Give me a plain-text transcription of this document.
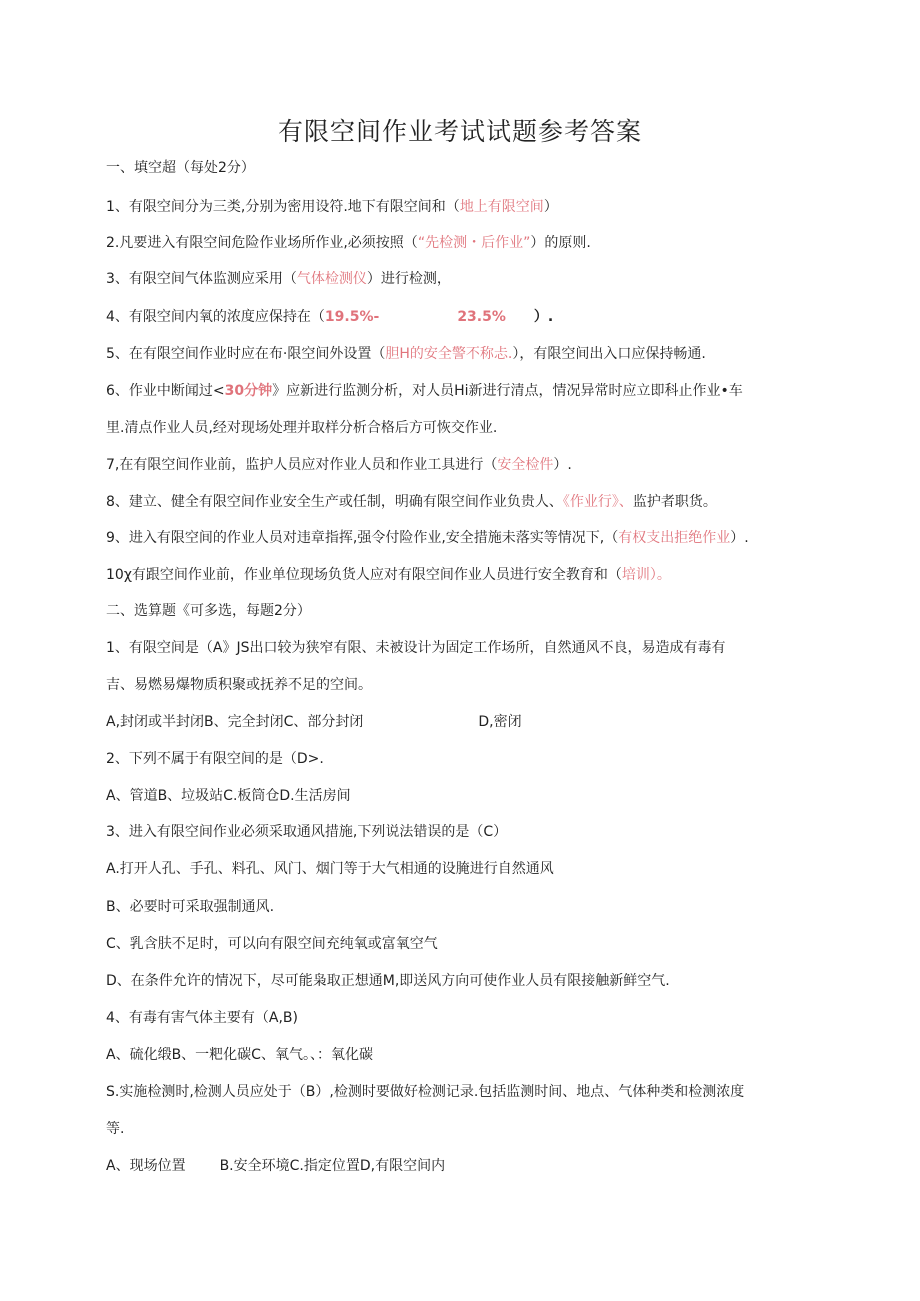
有限空间作业考试试题参考答案
一、填空超（每处2分）
1、有限空间分为三类,分别为密用设符.地下有限空间和（地上有限空间）
2.凡要进入有限空间危险作业场所作业,必须按照（“先检测・后作业”）的原则.
3、有限空间气体监测应采用（气体检测仪）进行检测，
4、有限空间内氧的浓度应保持在（19.5%-	23.5% ）.
5、在有限空间作业时应在布·限空间外设置（胆H的安全警不称忐.），有限空间出入口应保持畅通.
6、作业中断闻过<30分钟》应新进行监测分析，对人员Hi新进行清点，情况异常时应立即科止作业•车
里.清点作业人员,经对现场处理并取样分析合格后方可恢交作业.
7,在有限空间作业前，监护人员应对作业人员和作业工具进行（安全检件）.
8、建立、健全有限空间作业安全生产或任制，明确有限空间作业负贵人、《作业行》、监护者职货。
9、进入有限空间的作业人员对违章指挥,强令付险作业,安全措施未落实等情况下,（有权支出拒绝作业）.
10χ有跟空间作业前，作业单位现场负货人应对有限空间作业人员进行安全教育和（培训）。
二、选算题《可多选，每题2分）
1、有限空间是（A》JS出口较为狭窄有限、未被设计为固定工作场所，自然通风不良，易造成有毒有
吉、易燃易爆物质积聚或抚养不足的空间。
A,封闭或半封闭B、完全封闭C、部分封闭	D,密闭
2、下列不属于有限空间的是（D>.
A、管道B、垃圾站C.板筒仓D.生活房间
3、进入有限空间作业必须采取通风措施,下列说法错误的是（C）
A.打开人孔、手孔、料孔、风门、烟门等于大气相通的设腌进行自然通风
B、必要时可采取强制通风.
C、乳含肤不足时，可以向有限空间充纯氧或富氧空气
D、在条件允许的情况下，尽可能枭取正想通M,即送风方向可使作业人员有限接触新鲜空气.
4、有毒有害气体主要有（A,B)
A、硫化缎B、一粑化碳C、氧气。、：氧化碳
S.实施检测时,检测人员应处于（B）,检测时要做好检测记录.包括监测时间、地点、气体种类和检测浓度
等.
A、现场位置 B.安全环境C.指定位置D,有限空间内
